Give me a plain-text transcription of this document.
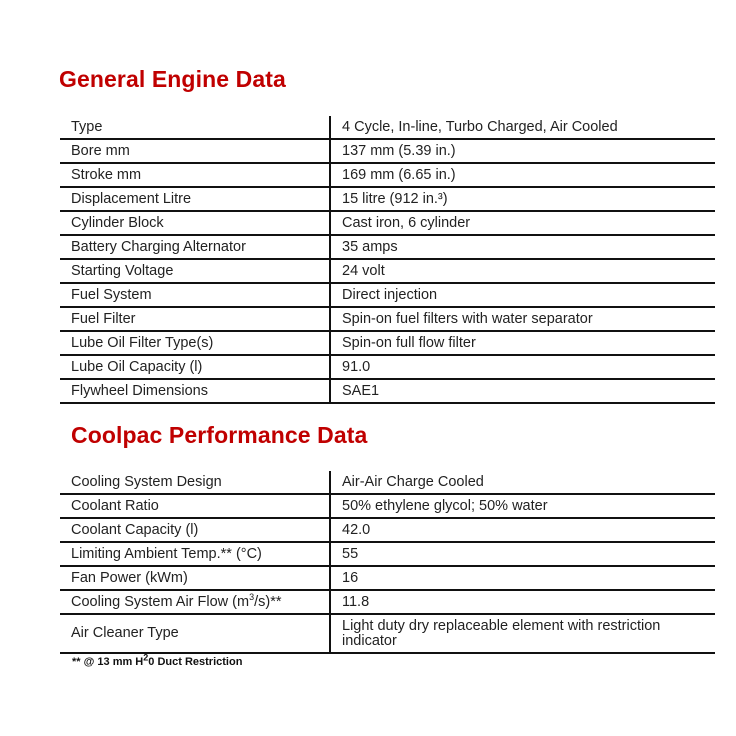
General Engine Data
Type	4 Cycle, In-line, Turbo Charged, Air Cooled
Bore mm	137 mm (5.39 in.)
Stroke mm	169 mm (6.65 in.)
Displacement Litre	15 litre (912 in.³)
Cylinder Block	Cast iron, 6 cylinder
Battery Charging Alternator	35 amps
Starting Voltage	24 volt
Fuel System	Direct injection
Fuel Filter	Spin-on fuel filters with water separator
Lube Oil Filter Type(s)	Spin-on full flow filter
Lube Oil Capacity (l)	91.0
Flywheel Dimensions	SAE1
Coolpac Performance Data
Cooling System Design	Air-Air Charge Cooled
Coolant Ratio	50% ethylene glycol; 50% water
Coolant Capacity (l)	42.0
Limiting Ambient Temp.** (°C)	55
Fan Power (kWm)	16
Cooling System Air Flow $(m^3/s)**$	11.8
Air Cleaner Type	Light duty dry replaceable element with restriction indicator
** @ 13 mm $H^20$ Duct Restriction
